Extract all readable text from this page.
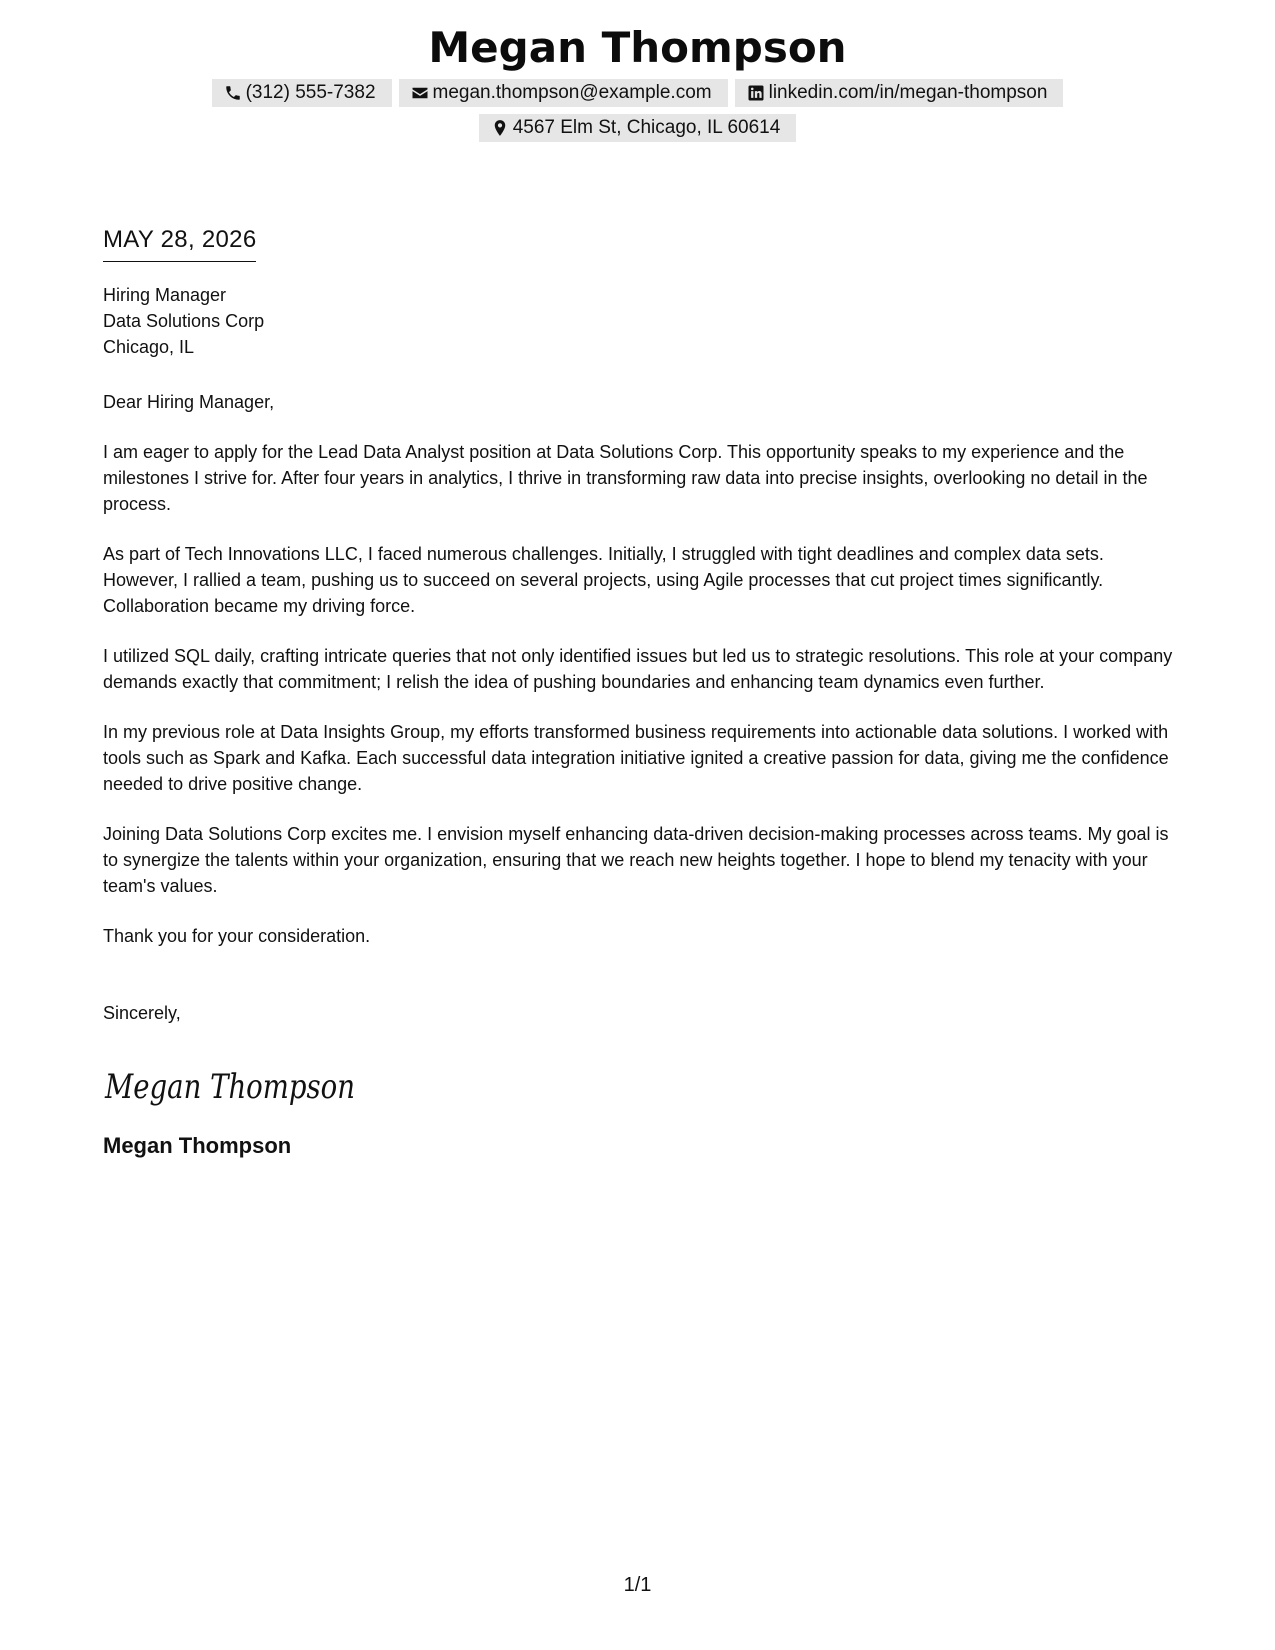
Megan Thompson
(312) 555-7382	megan.thompson@example.com	linkedin.com/in/megan-thompson
4567 Elm St, Chicago, IL 60614
MAY 28, 2026
Hiring Manager
Data Solutions Corp
Chicago, IL
Dear Hiring Manager,

I am eager to apply for the Lead Data Analyst position at Data Solutions Corp. This opportunity speaks to my experience and the milestones I strive for. After four years in analytics, I thrive in transforming raw data into precise insights, overlooking no detail in the process.

As part of Tech Innovations LLC, I faced numerous challenges. Initially, I struggled with tight deadlines and complex data sets. However, I rallied a team, pushing us to succeed on several projects, using Agile processes that cut project times significantly. Collaboration became my driving force.

I utilized SQL daily, crafting intricate queries that not only identified issues but led us to strategic resolutions. This role at your company demands exactly that commitment; I relish the idea of pushing boundaries and enhancing team dynamics even further.

In my previous role at Data Insights Group, my efforts transformed business requirements into actionable data solutions. I worked with tools such as Spark and Kafka. Each successful data integration initiative ignited a creative passion for data, giving me the confidence needed to drive positive change.

Joining Data Solutions Corp excites me. I envision myself enhancing data-driven decision-making processes across teams. My goal is to synergize the talents within your organization, ensuring that we reach new heights together. I hope to blend my tenacity with your team's values.

Thank you for your consideration.

Sincerely,
Megan Thompson
Megan Thompson
1/1
